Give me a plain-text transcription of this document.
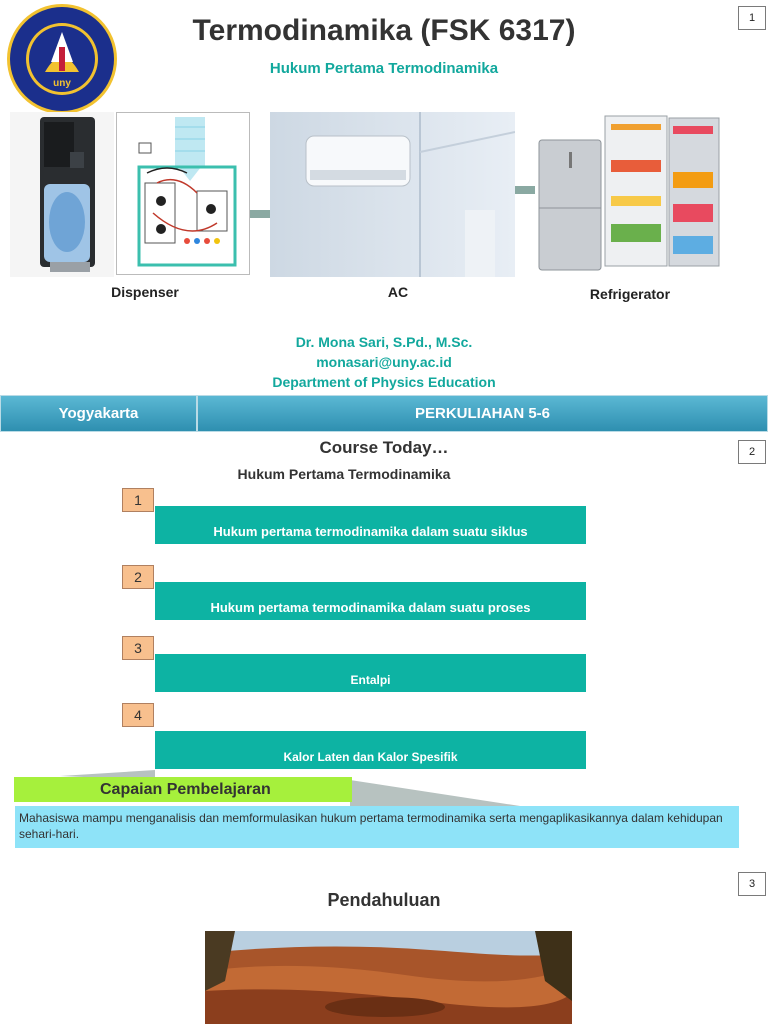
1
uny
Termodinamika (FSK 6317)
Hukum Pertama Termodinamika
Dispenser	AC	Refrigerator
Dr. Mona Sari, S.Pd., M.Sc.
monasari@uny.ac.id
Department of Physics Education
Yogyakarta	PERKULIAHAN 5-6
2
Course Today…
Hukum Pertama Termodinamika
1
Hukum pertama termodinamika dalam suatu siklus
2
Hukum pertama termodinamika dalam suatu proses
3
Entalpi
4
Kalor Laten dan Kalor Spesifik
Capaian Pembelajaran
Mahasiswa mampu menganalisis dan memformulasikan hukum pertama termodinamika serta mengaplikasikannya dalam kehidupan sehari-hari.
3
Pendahuluan
